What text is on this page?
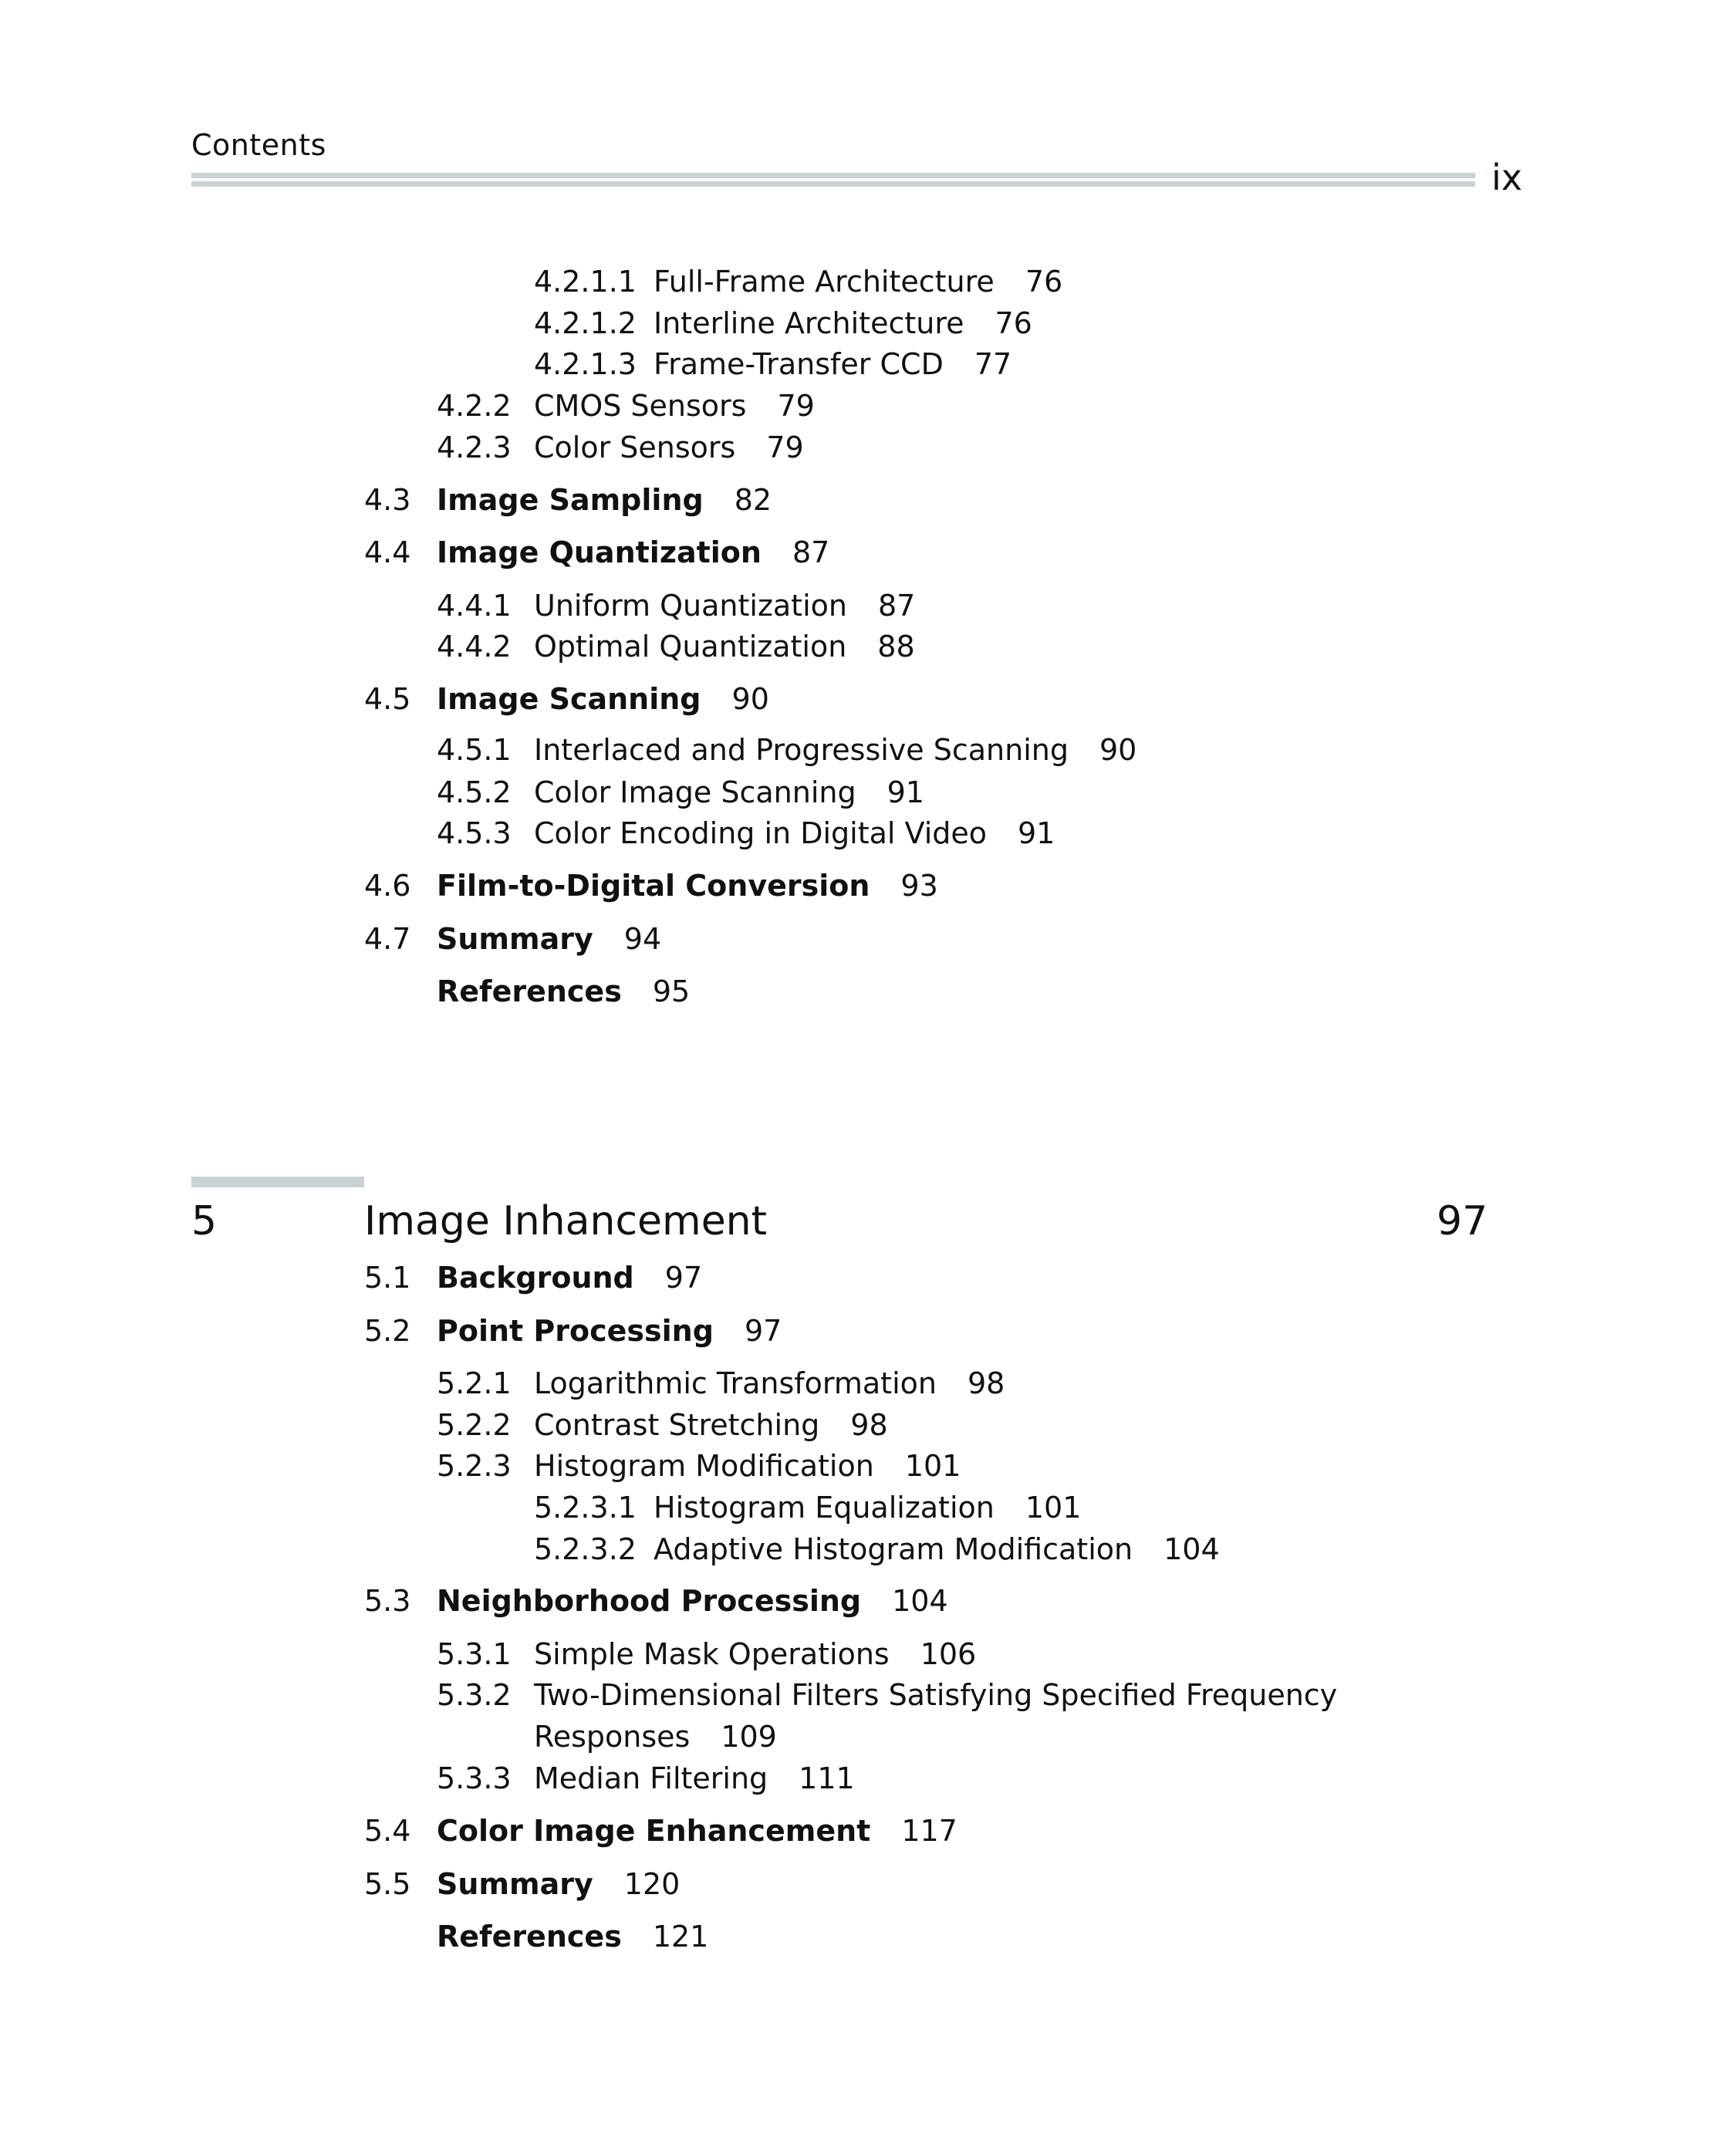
Contents
ix
4.2.1.1 Full-Frame Architecture 76
4.2.1.2 Interline Architecture 76
4.2.1.3 Frame-Transfer CCD 77
4.2.2 CMOS Sensors 79
4.2.3 Color Sensors 79
4.3 Image Sampling 82
4.4 Image Quantization 87
4.4.1 Uniform Quantization 87
4.4.2 Optimal Quantization 88
4.5 Image Scanning 90
4.5.1 Interlaced and Progressive Scanning 90
4.5.2 Color Image Scanning 91
4.5.3 Color Encoding in Digital Video 91
4.6 Film-to-Digital Conversion 93
4.7 Summary 94
References 95
5	Image Inhancement	97
5.1 Background 97
5.2 Point Processing 97
5.2.1 Logarithmic Transformation 98
5.2.2 Contrast Stretching 98
5.2.3 Histogram Modification 101
5.2.3.1 Histogram Equalization 101
5.2.3.2 Adaptive Histogram Modification 104
5.3 Neighborhood Processing 104
5.3.1 Simple Mask Operations 106
5.3.2 Two-Dimensional Filters Satisfying Specified Frequency
Responses 109
5.3.3 Median Filtering 111
5.4 Color Image Enhancement 117
5.5 Summary 120
References 121
